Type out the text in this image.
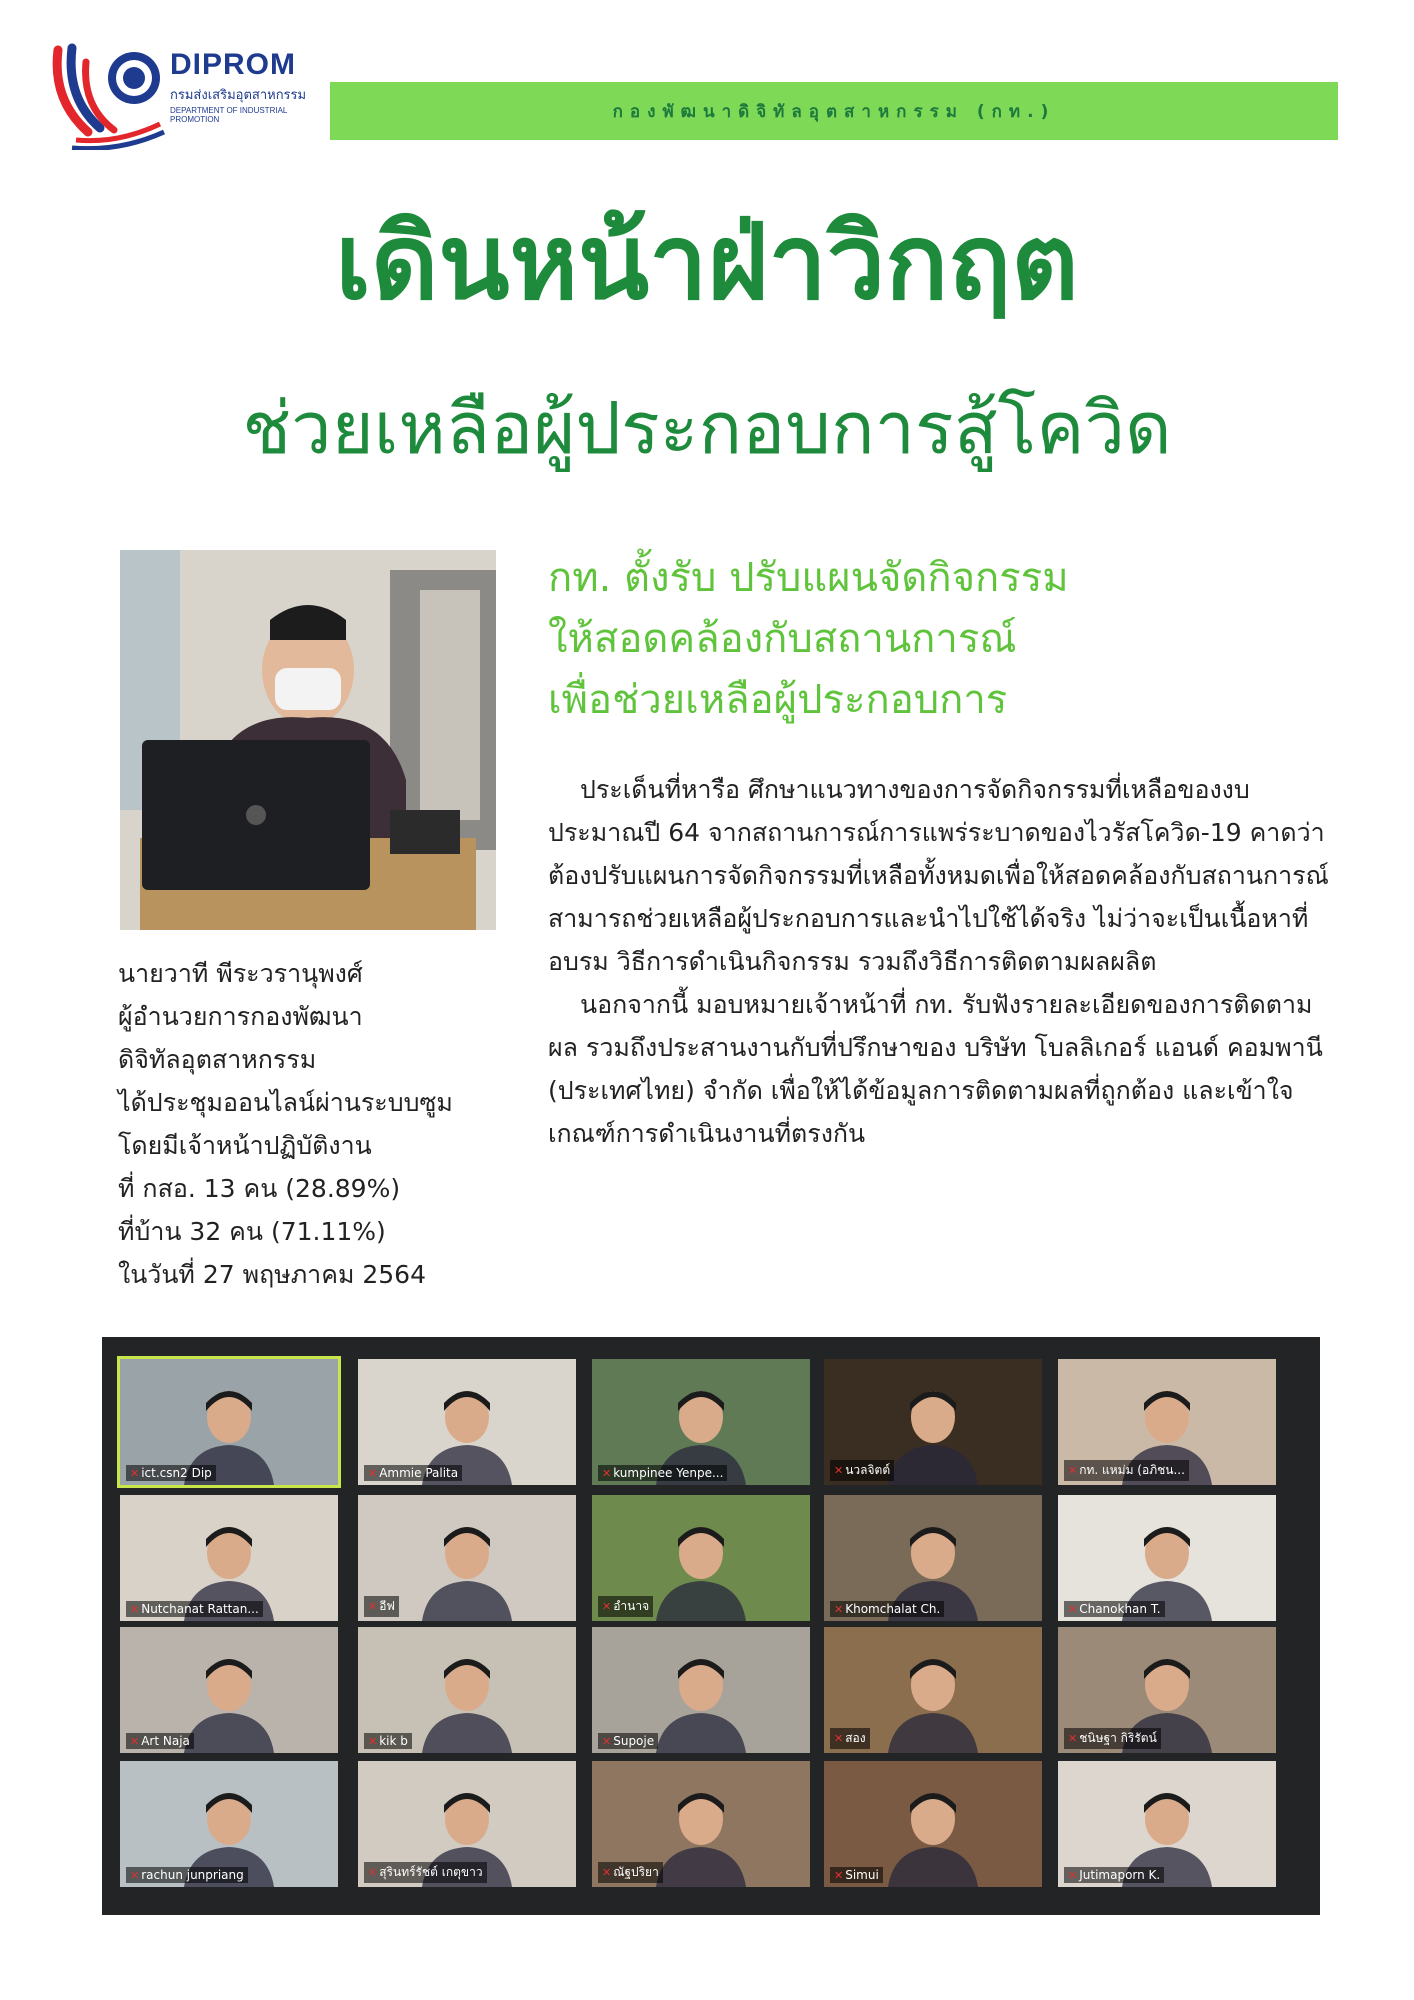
DIPROM
กรมส่งเสริมอุตสาหกรรม
DEPARTMENT OF INDUSTRIAL PROMOTION	กองพัฒนาดิจิทัลอุตสาหกรรม (กท.)
เดินหน้าฝ่าวิกฤต
ช่วยเหลือผู้ประกอบการสู้โควิด
นายวาที พีระวรานุพงศ์
ผู้อำนวยการกองพัฒนา
ดิจิทัลอุตสาหกรรม
ได้ประชุมออนไลน์ผ่านระบบซูม
โดยมีเจ้าหน้าปฏิบัติงาน
ที่ กสอ. 13 คน (28.89%)
ที่บ้าน 32 คน (71.11%)
ในวันที่ 27 พฤษภาคม 2564
กท. ตั้งรับ ปรับแผนจัดกิจกรรม
ให้สอดคล้องกับสถานการณ์
เพื่อช่วยเหลือผู้ประกอบการ

ประเด็นที่หารือ ศึกษาแนวทางของการจัดกิจกรรมที่เหลือของงบประมาณปี 64 จากสถานการณ์การแพร่ระบาดของไวรัสโควิด-19 คาดว่าต้องปรับแผนการจัดกิจกรรมที่เหลือทั้งหมดเพื่อให้สอดคล้องกับสถานการณ์ สามารถช่วยเหลือผู้ประกอบการและนำไปใช้ได้จริง ไม่ว่าจะเป็นเนื้อหาที่อบรม วิธีการดำเนินกิจกรรม รวมถึงวิธีการติดตามผลผลิต

นอกจากนี้ มอบหมายเจ้าหน้าที่ กท. รับฟังรายละเอียดของการติดตามผล รวมถึงประสานงานกับที่ปรึกษาของ บริษัท โบลลิเกอร์ แอนด์ คอมพานี (ประเทศไทย) จำกัด เพื่อให้ได้ข้อมูลการติดตามผลที่ถูกต้อง และเข้าใจเกณฑ์การดำเนินงานที่ตรงกัน

✕ ict.csn2 Dip	✕ Ammie Palita	✕ kumpinee Yenpe...	✕ นวลจิตต์	✕ กท. แหม่ม (อภิชน...
✕ Nutchanat Rattan...	✕ อีฟ	✕ อำนาจ	✕ Khomchalat Ch.	✕ Chanokhan T.
✕ Art Naja	✕ kik b	✕ Supoje	✕ สอง	✕ ชนิษฐา กิริรัตน์
✕ rachun junpriang	✕ สุรินทร์รัชต์ เกตุขาว	✕ ณัฐปริยา	✕ Simui	✕ Jutimaporn K.
